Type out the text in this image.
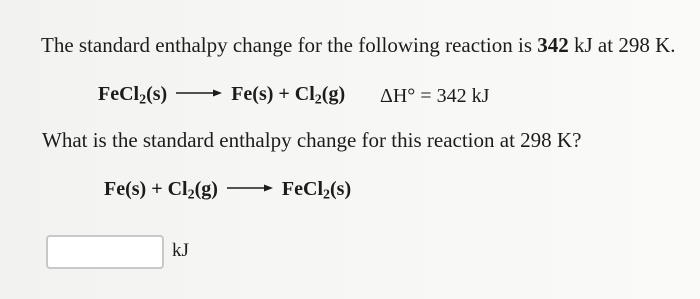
The standard enthalpy change for the following reaction is 342 kJ at 298 K.
FeCl$_2$(s) → $Fe(s) + Cl_2(g) \Delta H^\circ = 342$ kJ
What is the standard enthalpy change for this reaction at 298 K?
$Fe(s) + Cl_2(g)$ → FeCl$_2$(s)
kJ
